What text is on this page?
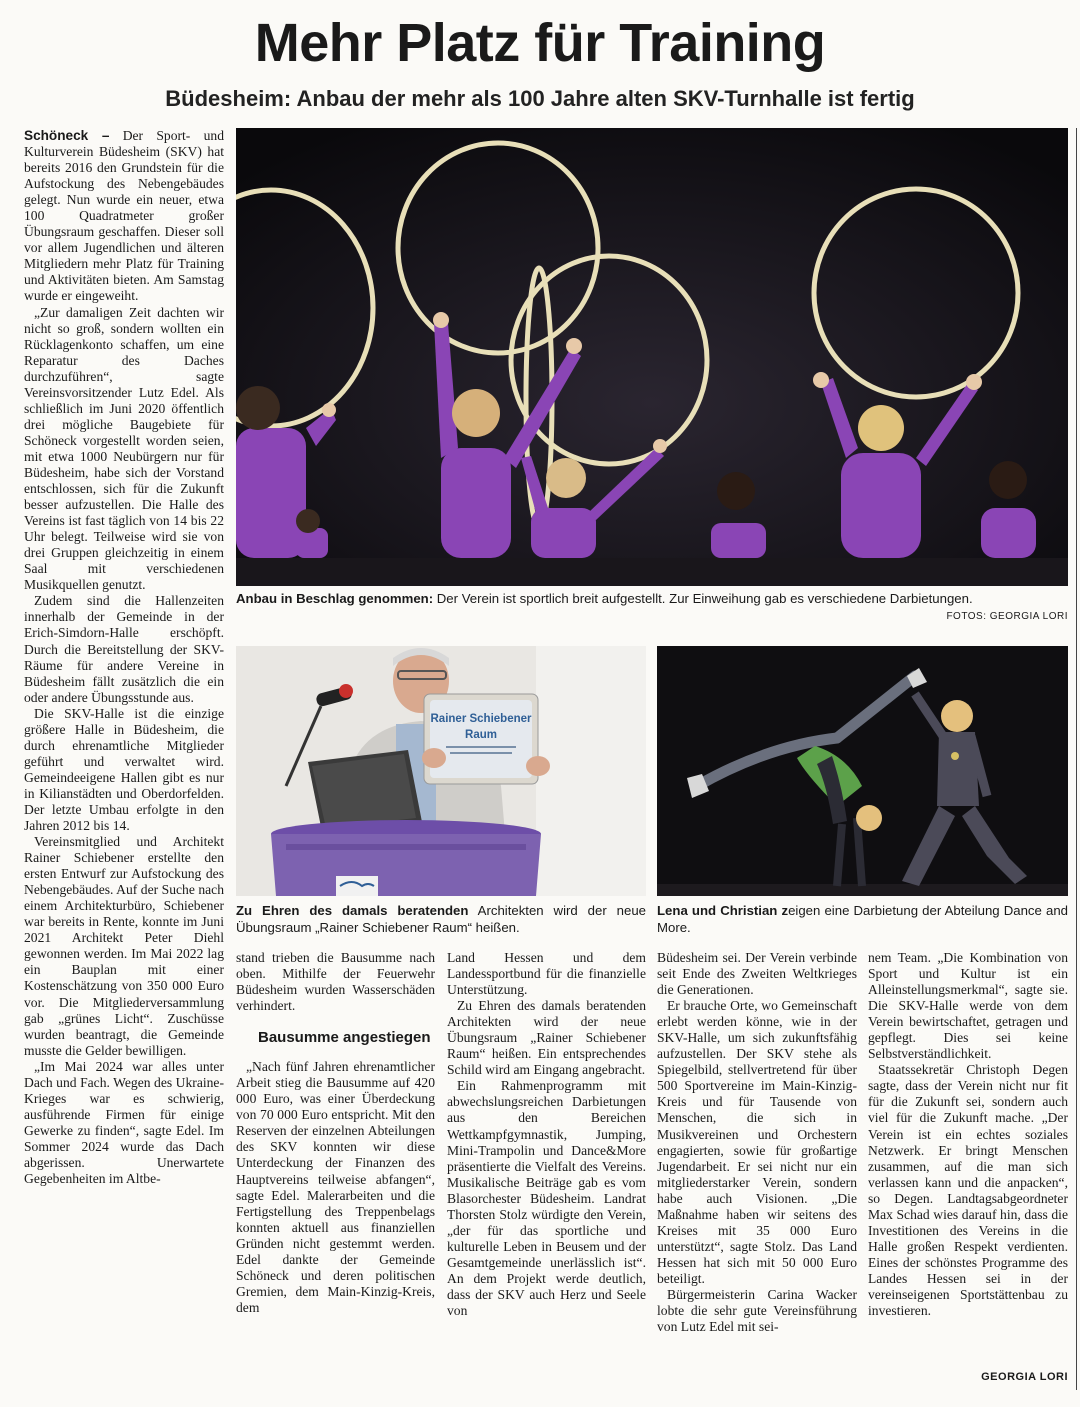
Mehr Platz für Training
Büdesheim: Anbau der mehr als 100 Jahre alten SKV-Turnhalle ist fertig

Schöneck – Der Sport- und Kulturverein Büdesheim (SKV) hat bereits 2016 den Grundstein für die Aufstockung des Nebengebäudes gelegt. Nun wurde ein neuer, etwa 100 Quadratmeter großer Übungsraum geschaffen. Dieser soll vor allem Jugendlichen und älteren Mitgliedern mehr Platz für Training und Aktivitäten bieten. Am Samstag wurde er eingeweiht.

„Zur damaligen Zeit dachten wir nicht so groß, sondern wollten ein Rücklagenkonto schaffen, um eine Reparatur des Daches durchzuführen“, sagte Vereinsvorsitzender Lutz Edel. Als schließlich im Juni 2020 öffentlich drei mögliche Baugebiete für Schöneck vorgestellt worden seien, mit etwa 1000 Neubürgern nur für Büdesheim, habe sich der Vorstand entschlossen, sich für die Zukunft besser aufzustellen. Die Halle des Vereins ist fast täglich von 14 bis 22 Uhr belegt. Teilweise wird sie von drei Gruppen gleichzeitig in einem Saal mit verschiedenen Musikquellen genutzt.

Zudem sind die Hallenzeiten innerhalb der Gemeinde in der Erich-Simdorn-Halle erschöpft. Durch die Bereitstellung der SKV-Räume für andere Vereine in Büdesheim fällt zusätzlich die ein oder andere Übungsstunde aus.

Die SKV-Halle ist die einzige größere Halle in Büdesheim, die durch ehrenamtliche Mitglieder geführt und verwaltet wird. Gemeindeeigene Hallen gibt es nur in Kilianstädten und Oberdorfelden. Der letzte Umbau erfolgte in den Jahren 2012 bis 14.

Vereinsmitglied und Architekt Rainer Schiebener erstellte den ersten Entwurf zur Aufstockung des Nebengebäudes. Auf der Suche nach einem Architekturbüro, Schiebener war bereits in Rente, konnte im Juni 2021 Architekt Peter Diehl gewonnen werden. Im Mai 2022 lag ein Bauplan mit einer Kostenschätzung von 350 000 Euro vor. Die Mitgliederversammlung gab „grünes Licht“. Zuschüsse wurden beantragt, die Gemeinde musste die Gelder bewilligen.

„Im Mai 2024 war alles unter Dach und Fach. Wegen des Ukraine-Krieges war es schwierig, ausführende Firmen für einige Gewerke zu finden“, sagte Edel. Im Sommer 2024 wurde das Dach abgerissen. Unerwartete Gegebenheiten im Altbe-

Anbau in Beschlag genommen: Der Verein ist sportlich breit aufgestellt. Zur Einweihung gab es verschiedene Darbietungen.
FOTOS: GEORGIA LORI
Rainer Schiebener
Raum
Zu Ehren des damals beratenden Architekten wird der neue Übungsraum „Rainer Schiebener Raum“ heißen.
Lena und Christian zeigen eine Darbietung der Abteilung Dance and More.

stand trieben die Bausumme nach oben. Mithilfe der Feuerwehr Büdesheim wurden Wasserschäden verhindert.

Bausumme angestiegen

„Nach fünf Jahren ehrenamtlicher Arbeit stieg die Bausumme auf 420 000 Euro, was einer Überdeckung von 70 000 Euro entspricht. Mit den Reserven der einzelnen Abteilungen des SKV konnten wir diese Unterdeckung der Finanzen des Hauptvereins teilweise abfangen“, sagte Edel. Malerarbeiten und die Fertigstellung des Treppenbelags konnten aktuell aus finanziellen Gründen nicht gestemmt werden. Edel dankte der Gemeinde Schöneck und deren politischen Gremien, dem Main-Kinzig-Kreis, dem

Land Hessen und dem Landessportbund für die finanzielle Unterstützung.

Zu Ehren des damals beratenden Architekten wird der neue Übungsraum „Rainer Schiebener Raum“ heißen. Ein entsprechendes Schild wird am Eingang angebracht.

Ein Rahmenprogramm mit abwechslungsreichen Darbietungen aus den Bereichen Wettkampfgymnastik, Jumping, Mini-Trampolin und Dance&More präsentierte die Vielfalt des Vereins. Musikalische Beiträge gab es vom Blasorchester Büdesheim. Landrat Thorsten Stolz würdigte den Verein, „der für das sportliche und kulturelle Leben in Beusem und der Gesamtgemeinde unerlässlich ist“. An dem Projekt werde deutlich, dass der SKV auch Herz und Seele von

Büdesheim sei. Der Verein verbinde seit Ende des Zweiten Weltkrieges die Generationen.

Er brauche Orte, wo Gemeinschaft erlebt werden könne, wie in der SKV-Halle, um sich zukunftsfähig aufzustellen. Der SKV stehe als Spiegelbild, stellvertretend für über 500 Sportvereine im Main-Kinzig-Kreis und für Tausende von Menschen, die sich in Musikvereinen und Orchestern engagierten, sowie für großartige Jugendarbeit. Er sei nicht nur ein mitgliederstarker Verein, sondern habe auch Visionen. „Die Maßnahme haben wir seitens des Kreises mit 35 000 Euro unterstützt“, sagte Stolz. Das Land Hessen hat sich mit 50 000 Euro beteiligt.

Bürgermeisterin Carina Wacker lobte die sehr gute Vereinsführung von Lutz Edel mit sei-

nem Team. „Die Kombination von Sport und Kultur ist ein Alleinstellungsmerkmal“, sagte sie. Die SKV-Halle werde von dem Verein bewirtschaftet, getragen und gepflegt. Dies sei keine Selbstverständlichkeit.

Staatssekretär Christoph Degen sagte, dass der Verein nicht nur fit für die Zukunft sei, sondern auch viel für die Zukunft mache. „Der Verein ist ein echtes soziales Netzwerk. Er bringt Menschen zusammen, auf die man sich verlassen kann und die anpacken“, so Degen. Landtagsabgeordneter Max Schad wies darauf hin, dass die Investitionen des Vereins in die Halle großen Respekt verdienten. Eines der schönstes Programme des Landes Hessen sei in der vereinseigenen Sportstättenbau zu investieren.

GEORGIA LORI
